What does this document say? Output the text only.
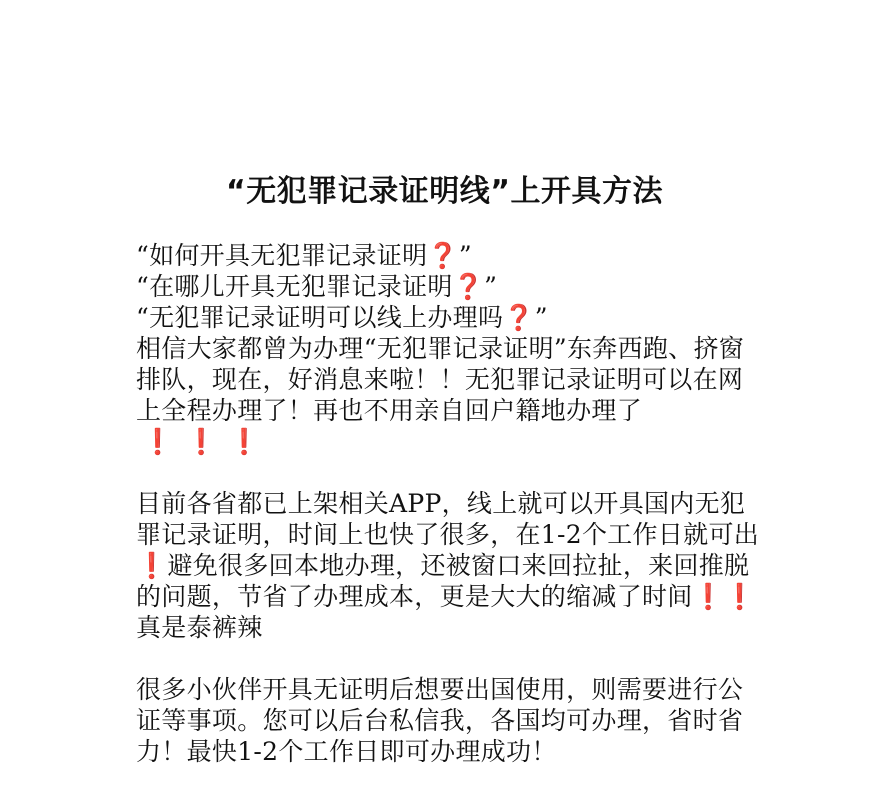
“无犯罪记录证明线”上开具方法

“如何开具无犯罪记录证明❓”

“在哪儿开具无犯罪记录证明❓”

“无犯罪记录证明可以线上办理吗❓”

相信大家都曾为办理“无犯罪记录证明”东奔西跑、挤窗排队，现在，好消息来啦！！无犯罪记录证明可以在网上全程办理了！再也不用亲自回户籍地办理了
❗ ❗ ❗

目前各省都已上架相关APP，线上就可以开具国内无犯罪记录证明，时间上也快了很多，在1-2个工作日就可出❗避免很多回本地办理，还被窗口来回拉扯，来回推脱的问题，节省了办理成本，更是大大的缩减了时间❗❗真是泰裤辣

很多小伙伴开具无证明后想要出国使用，则需要进行公证等事项。您可以后台私信我，各国均可办理，省时省力！最快1-2个工作日即可办理成功！
